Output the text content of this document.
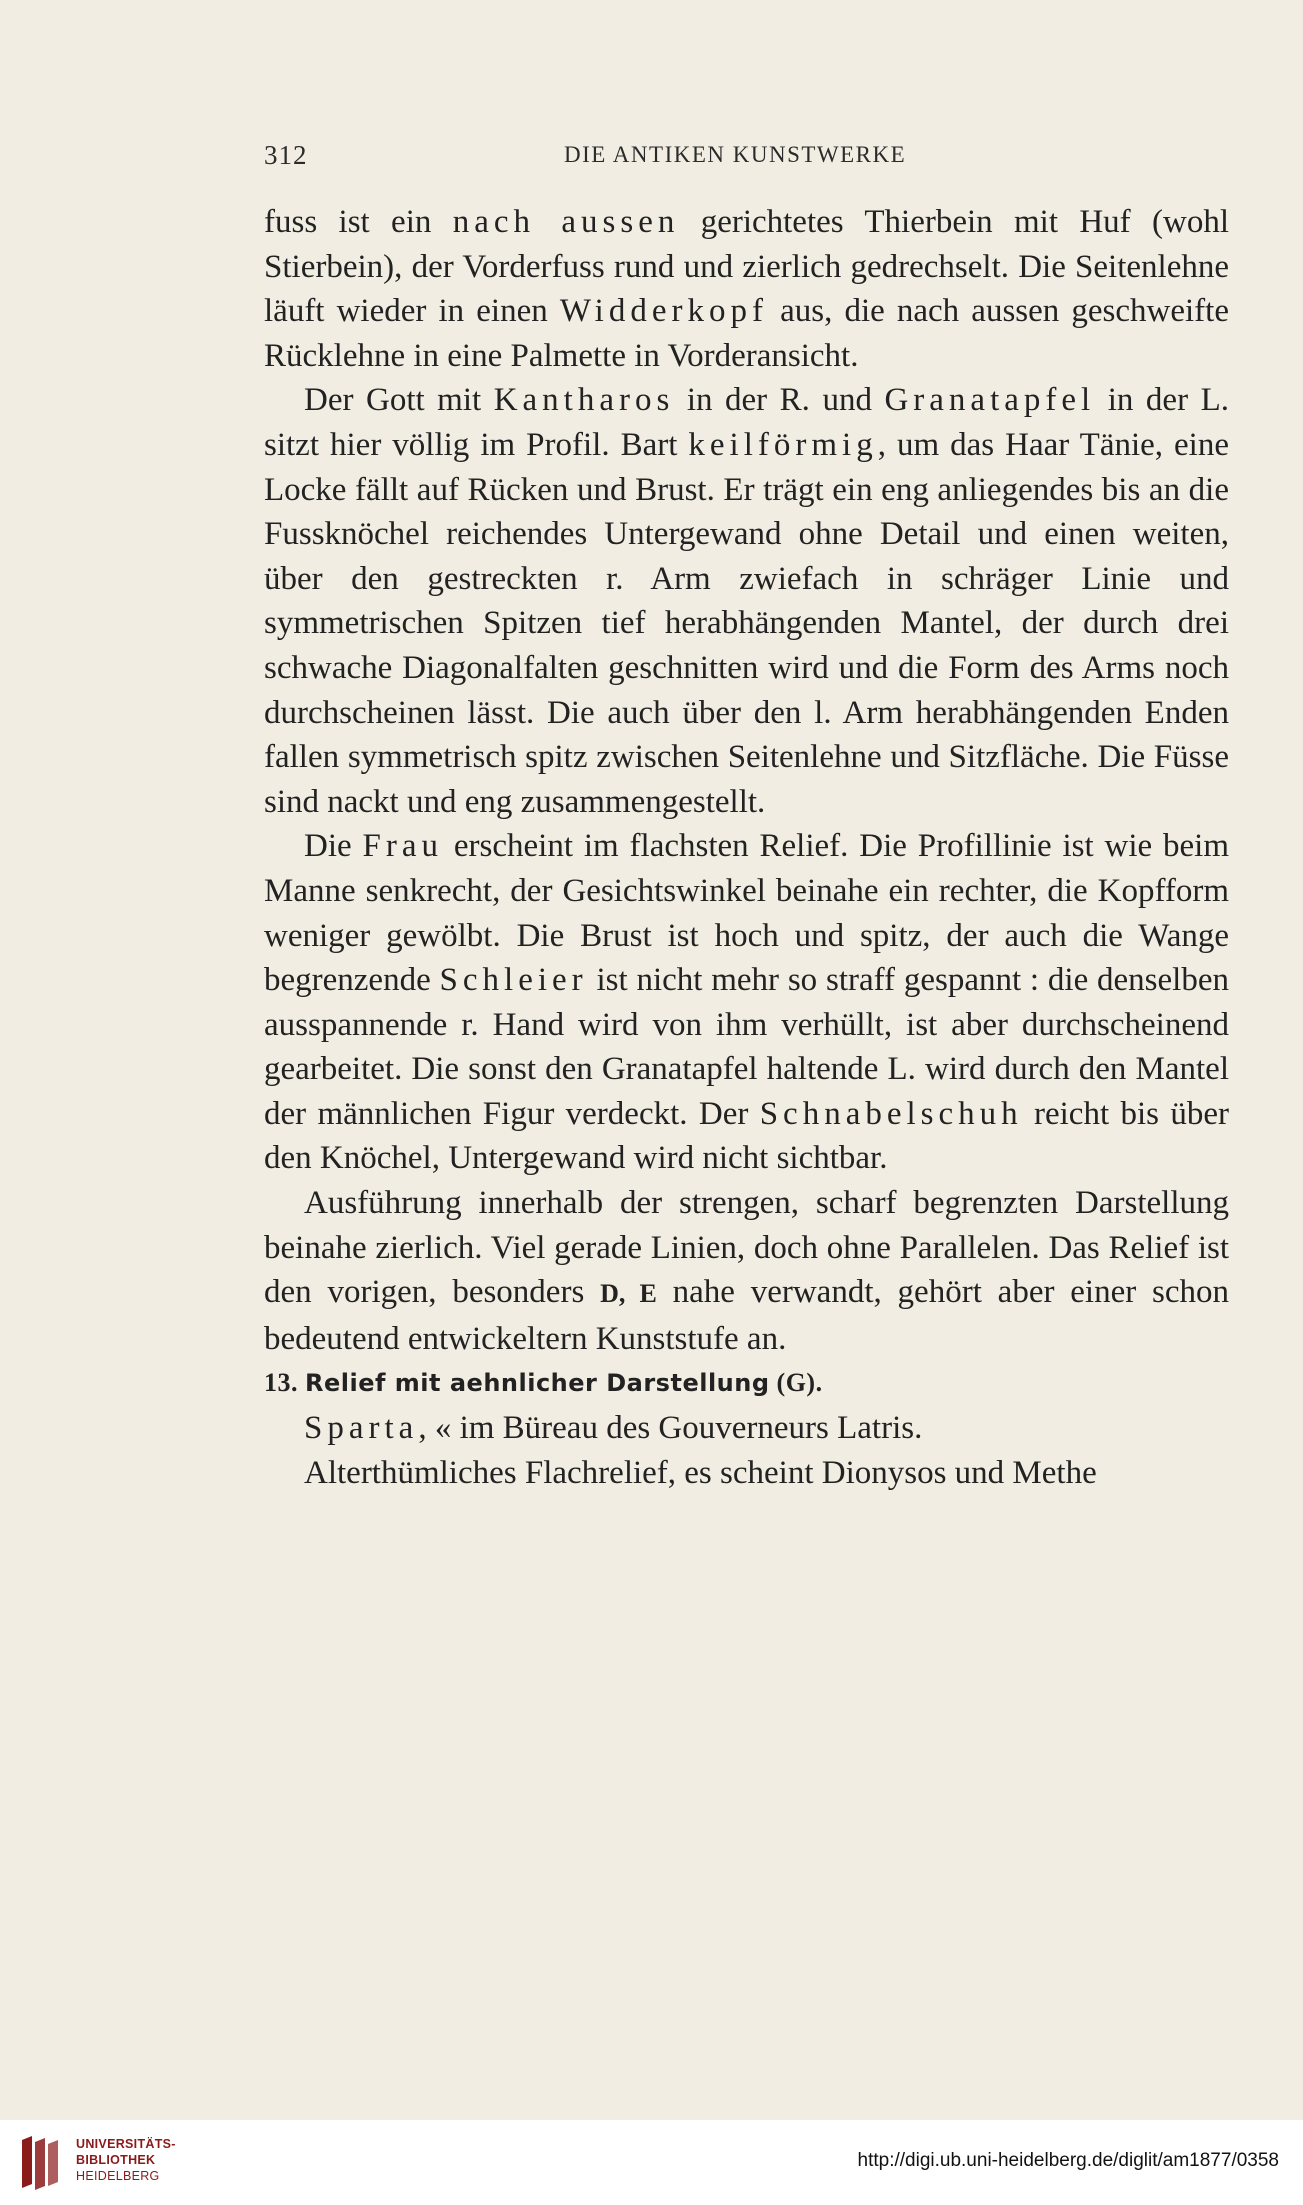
312	DIE ANTIKEN KUNSTWERKE

fuss ist ein nach aussen gerichtetes Thierbein mit Huf (wohl Stierbein), der Vorderfuss rund und zierlich gedrechselt. Die Seitenlehne läuft wieder in einen Widderkopf aus, die nach aussen geschweifte Rücklehne in eine Palmette in Vorderansicht.

Der Gott mit Kantharos in der R. und Granatapfel in der L. sitzt hier völlig im Profil. Bart keilförmig, um das Haar Tänie, eine Locke fällt auf Rücken und Brust. Er trägt ein eng anliegendes bis an die Fussknöchel reichendes Untergewand ohne Detail und einen weiten, über den gestreckten r. Arm zwiefach in schräger Linie und symmetrischen Spitzen tief herabhängenden Mantel, der durch drei schwache Diagonalfalten geschnitten wird und die Form des Arms noch durchscheinen lässt. Die auch über den l. Arm herabhängenden Enden fallen symmetrisch spitz zwischen Seitenlehne und Sitzfläche. Die Füsse sind nackt und eng zusammengestellt.

Die Frau erscheint im flachsten Relief. Die Profillinie ist wie beim Manne senkrecht, der Gesichtswinkel beinahe ein rechter, die Kopfform weniger gewölbt. Die Brust ist hoch und spitz, der auch die Wange begrenzende Schleier ist nicht mehr so straff gespannt : die denselben ausspannende r. Hand wird von ihm verhüllt, ist aber durchscheinend gearbeitet. Die sonst den Granatapfel haltende L. wird durch den Mantel der männlichen Figur verdeckt. Der Schnabelschuh reicht bis über den Knöchel, Untergewand wird nicht sichtbar.

Ausführung innerhalb der strengen, scharf begrenzten Darstellung beinahe zierlich. Viel gerade Linien, doch ohne Parallelen. Das Relief ist den vorigen, besonders D, E nahe verwandt, gehört aber einer schon bedeutend entwickeltern Kunststufe an.

13. Relief mit aehnlicher Darstellung (G).

Sparta, « im Büreau des Gouverneurs Latris.

Alterthümliches Flachrelief, es scheint Dionysos und Methe

UNIVERSITÄTS-
BIBLIOTHEK
HEIDELBERG
http://digi.ub.uni-heidelberg.de/diglit/am1877/0358
